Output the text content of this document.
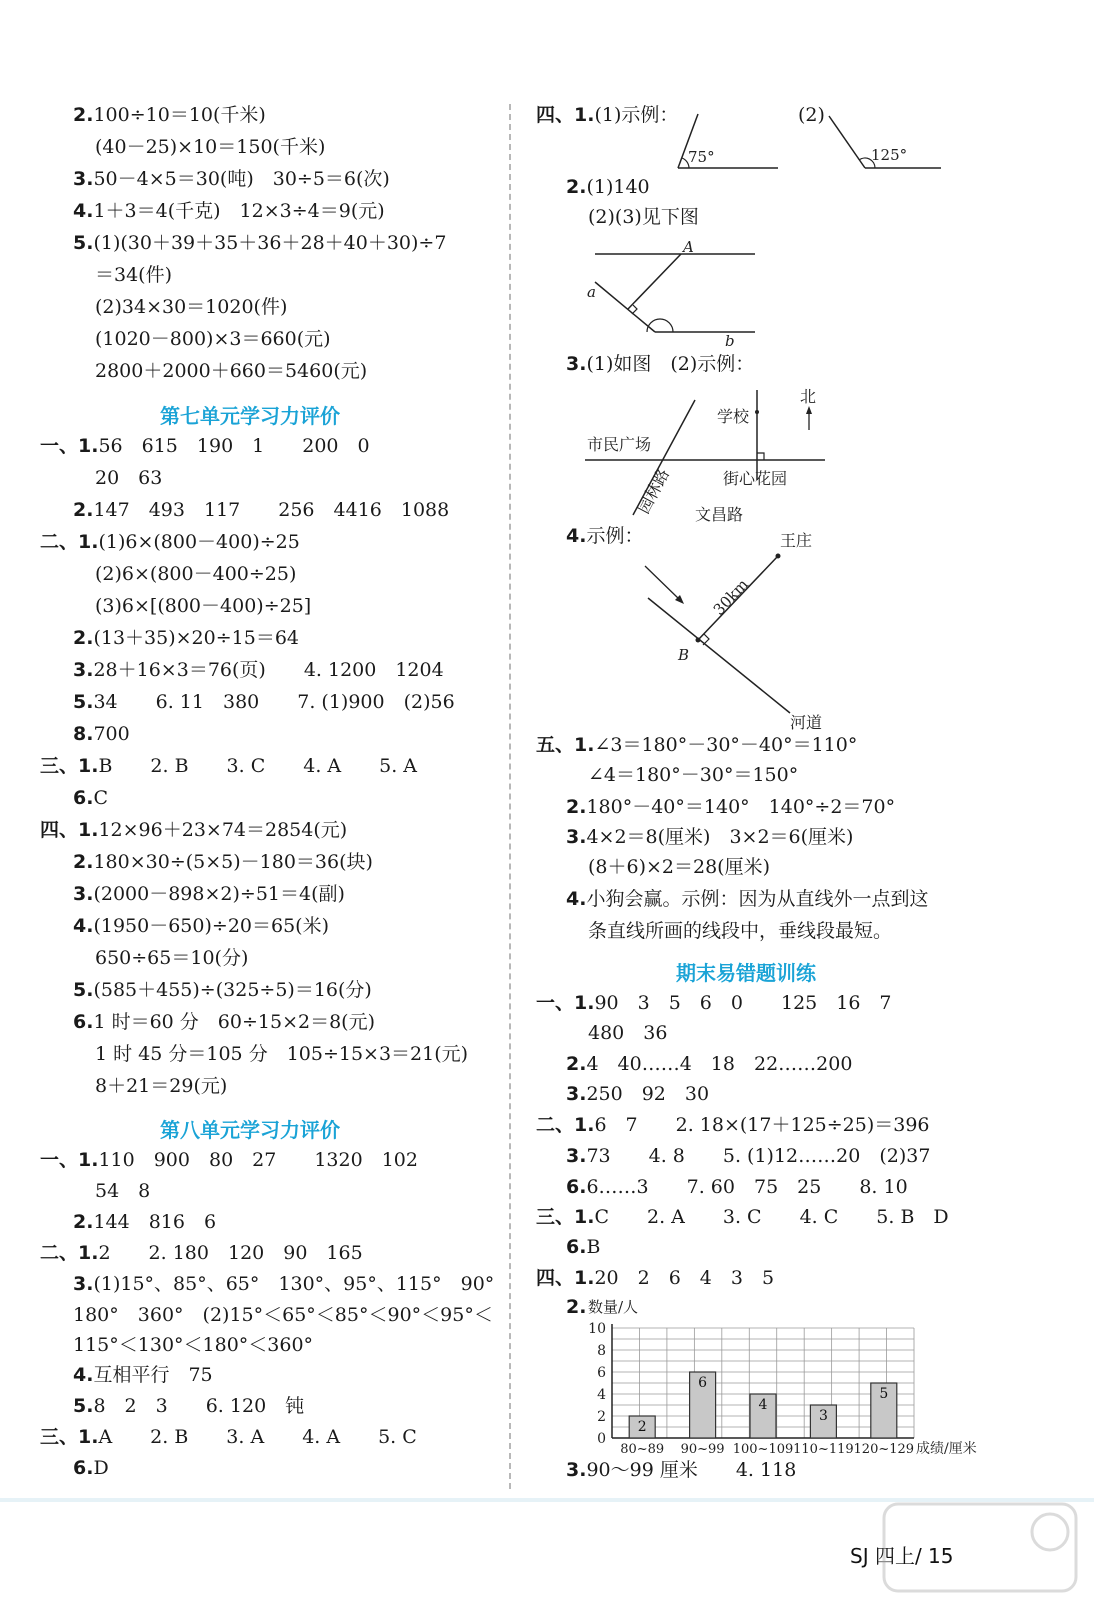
2.100÷10＝10(千米)
(40－25)×10＝150(千米)
3.50－4×5＝30(吨)　30÷5＝6(次)
4.1＋3＝4(千克)　12×3÷4＝9(元)
5.(1)(30＋39＋35＋36＋28＋40＋30)÷7
＝34(件)
(2)34×30＝1020(件)
(1020－800)×3＝660(元)
2800＋2000＋660＝5460(元)
一、1.56　615　190　1　　200　0
20　63
2.147　493　117　　256　4416　1088
二、1.(1)6×(800－400)÷25
(2)6×(800－400÷25)
(3)6×[(800－400)÷25]
2.(13＋35)×20÷15＝64
3.28＋16×3＝76(页)　　4. 1200　1204
5.34　　6. 11　380　　7. (1)900　(2)56
8.700
三、1.B　　2. B　　3. C　　4. A　　5. A
6.C
四、1.12×96＋23×74＝2854(元)
2.180×30÷(5×5)－180＝36(块)
3.(2000－898×2)÷51＝4(副)
4.(1950－650)÷20＝65(米)
650÷65＝10(分)
5.(585＋455)÷(325÷5)＝16(分)
6.1 时＝60 分　60÷15×2＝8(元)
1 时 45 分＝105 分　105÷15×3＝21(元)
8＋21＝29(元)
一、1.110　900　80　27　　1320　102
54　8
2.144　816　6
二、1.2　　2. 180　120　90　165
3.(1)15°、85°、65°　130°、95°、115°　90°
180°　360°　(2)15°＜65°＜85°＜90°＜95°＜
115°＜130°＜180°＜360°
4.互相平行　75
5.8　2　3　　6. 120　钝
三、1.A　　2. B　　3. A　　4. A　　5. C
6.D
四、1.(1)示例：	(2)
2.(1)140
(2)(3)见下图
3.(1)如图　(2)示例：
4.示例：
五、1.∠3＝180°－30°－40°＝110°
∠4＝180°－30°＝150°
2.180°－40°＝140°　140°÷2＝70°
3.4×2＝8(厘米)　3×2＝6(厘米)
(8＋6)×2＝28(厘米)
4.小狗会赢。示例：因为从直线外一点到这
条直线所画的线段中，垂线段最短。
一、1.90　3　5　6　0　　125　16　7
480　36
2.4　40……4　18　22……200
3.250　92　30
二、1.6　7　　2. 18×(17＋125÷25)＝396
3.73　　4. 8　　5. (1)12……20　(2)37
6.6……3　　7. 60　75　25　　8. 10
三、1.C　　2. A　　3. C　　4. C　　5. B　D
6.B
四、1.20　2　6　4　3　5
2.
3.90～99 厘米　　4. 118
第七单元学习力评价
第八单元学习力评价
期末易错题训练
75°	125°
A
a
b
北
学校
市民广场
园林路	街心花园
文昌路
王庄
30km
B
河道
0
2
4
6
8
10
数量/人
成绩/厘米
2
80~89
6
90~99
4
100~109
3
110~119
5
120~129
SJ 四上/ 15
